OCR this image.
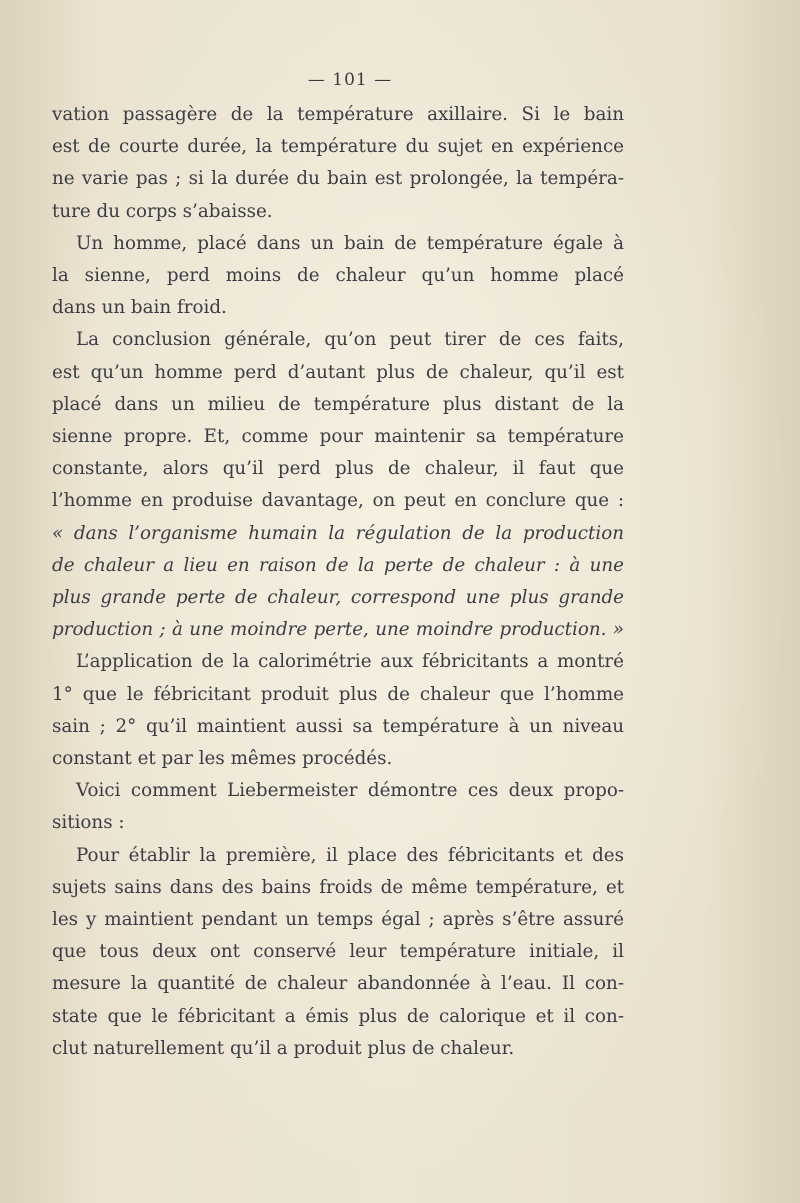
— 101 —
vation passagère de la température axillaire. Si le bain
est de courte durée, la température du sujet en expérience
ne varie pas ; si la durée du bain est prolongée, la tempéra-
ture du corps s’abaisse.
Un homme, placé dans un bain de température égale à
la sienne, perd moins de chaleur qu’un homme placé
dans un bain froid.
La conclusion générale, qu’on peut tirer de ces faits,
est qu’un homme perd d’autant plus de chaleur, qu’il est
placé dans un milieu de température plus distant de la
sienne propre. Et, comme pour maintenir sa température
constante, alors qu’il perd plus de chaleur, il faut que
l’homme en produise davantage, on peut en conclure que :
« dans l’organisme humain la régulation de la production
de chaleur a lieu en raison de la perte de chaleur : à une
plus grande perte de chaleur, correspond une plus grande
production ; à une moindre perte, une moindre production. »
L’application de la calorimétrie aux fébricitants a montré
1° que le fébricitant produit plus de chaleur que l’homme
sain ; 2° qu’il maintient aussi sa température à un niveau
constant et par les mêmes procédés.
Voici comment Liebermeister démontre ces deux propo-
sitions :
Pour établir la première, il place des fébricitants et des
sujets sains dans des bains froids de même température, et
les y maintient pendant un temps égal ; après s’être assuré
que tous deux ont conservé leur température initiale, il
mesure la quantité de chaleur abandonnée à l’eau. Il con-
state que le fébricitant a émis plus de calorique et il con-
clut naturellement qu’il a produit plus de chaleur.
